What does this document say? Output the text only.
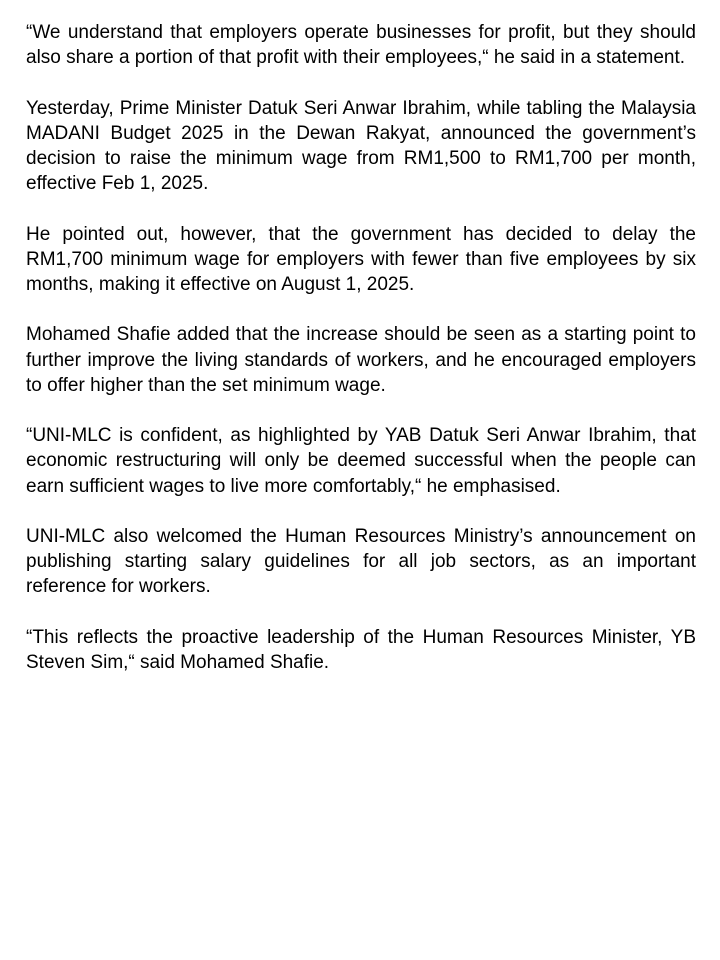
“We understand that employers operate businesses for profit, but they should also share a portion of that profit with their employees,“ he said in a statement.

Yesterday, Prime Minister Datuk Seri Anwar Ibrahim, while tabling the Malaysia MADANI Budget 2025 in the Dewan Rakyat, announced the government’s decision to raise the minimum wage from RM1,500 to RM1,700 per month, effective Feb 1, 2025.

He pointed out, however, that the government has decided to delay the RM1,700 minimum wage for employers with fewer than five employees by six months, making it effective on August 1, 2025.

Mohamed Shafie added that the increase should be seen as a starting point to further improve the living standards of workers, and he encouraged employers to offer higher than the set minimum wage.

“UNI-MLC is confident, as highlighted by YAB Datuk Seri Anwar Ibrahim, that economic restructuring will only be deemed successful when the people can earn sufficient wages to live more comfortably,“ he emphasised.

UNI-MLC also welcomed the Human Resources Ministry’s announcement on publishing starting salary guidelines for all job sectors, as an important reference for workers.

“This reflects the proactive leadership of the Human Resources Minister, YB Steven Sim,“ said Mohamed Shafie.
